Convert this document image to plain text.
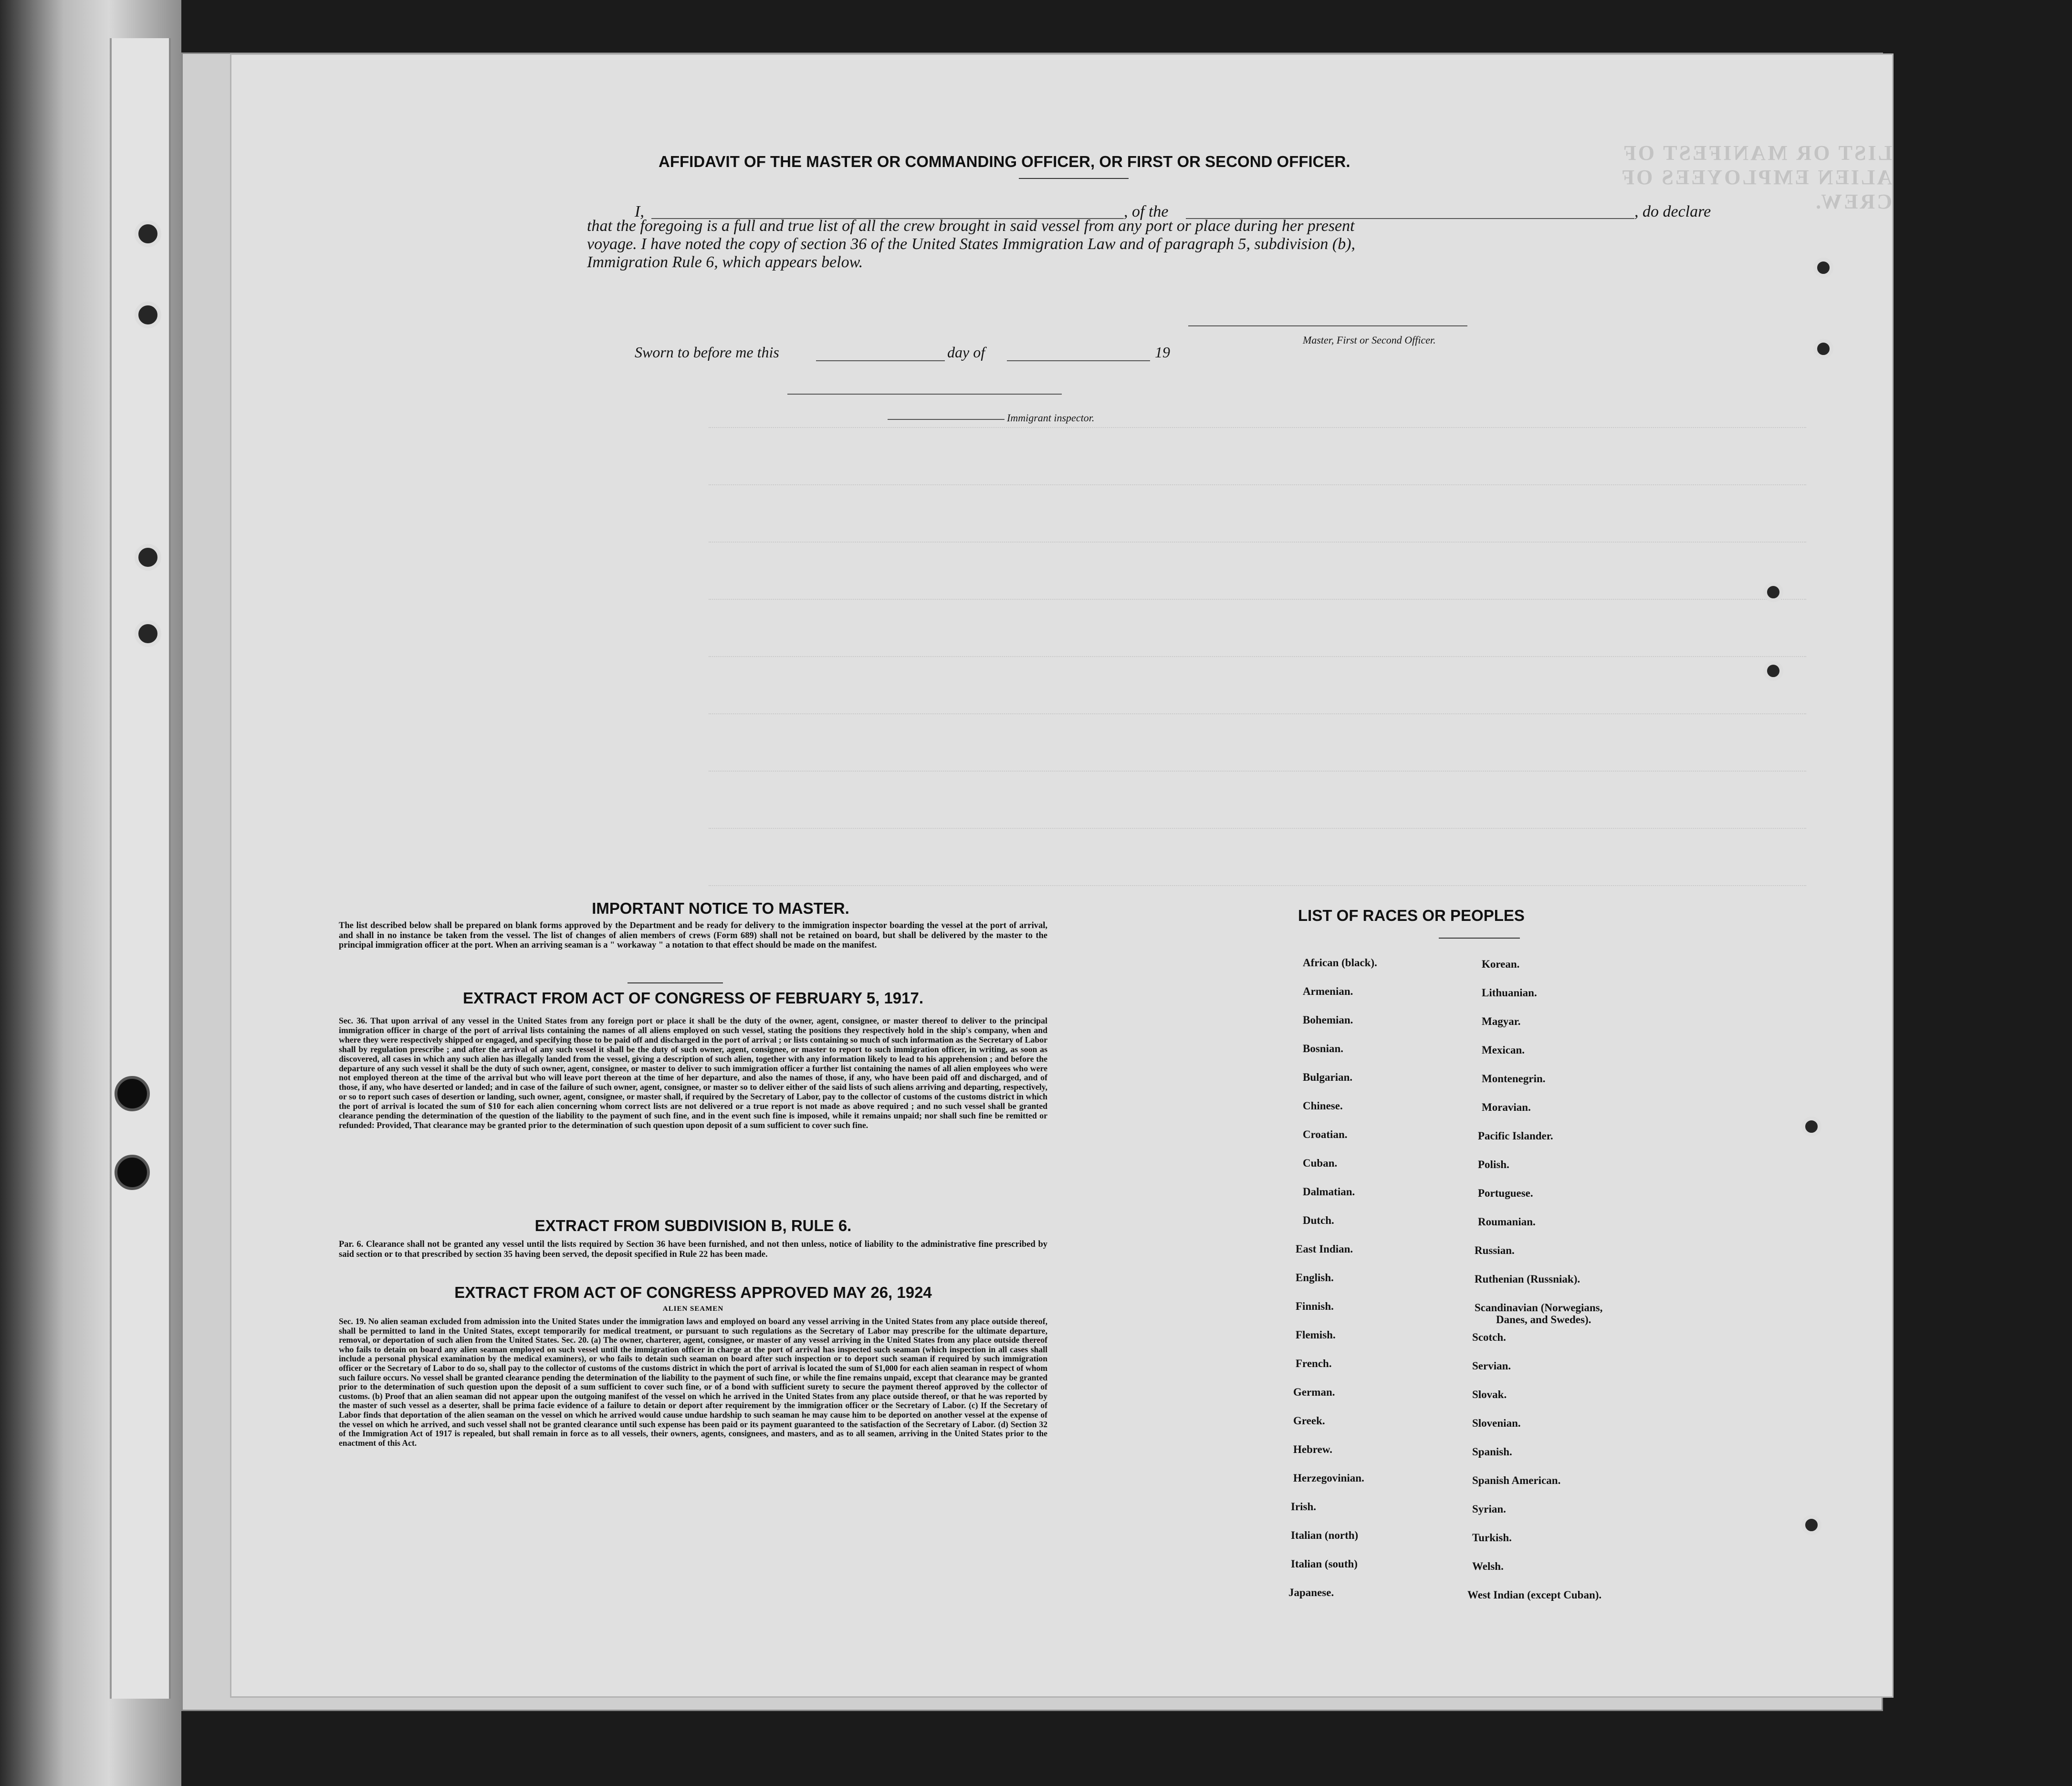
LIST OR MANIFEST OF ALIEN EMPLOYEES OF CREW.
AFFIDAVIT OF THE MASTER OR COMMANDING OFFICER, OR FIRST OR SECOND OFFICER.
I,	, of the	, do declare
that the foregoing is a full and true list of all the crew brought in said vessel from any port or place during her present
voyage. I have noted the copy of section 36 of the United States Immigration Law and of paragraph 5, subdivision (b),
Immigration Rule 6, which appears below.
Master, First or Second Officer.
Sworn to before me this	day of	19
Immigrant inspector.
IMPORTANT NOTICE TO MASTER.
The list described below shall be prepared on blank forms approved by the Department and be ready for delivery to the immigration inspector boarding the vessel at the port of arrival, and shall in no instance be taken from the vessel. The list of changes of alien members of crews (Form 689) shall not be retained on board, but shall be delivered by the master to the principal immigration officer at the port. When an arriving seaman is a " workaway " a notation to that effect should be made on the manifest.
EXTRACT FROM ACT OF CONGRESS OF FEBRUARY 5, 1917.
Sec. 36. That upon arrival of any vessel in the United States from any foreign port or place it shall be the duty of the owner, agent, consignee, or master thereof to deliver to the principal immigration officer in charge of the port of arrival lists containing the names of all aliens employed on such vessel, stating the positions they respectively hold in the ship's company, when and where they were respectively shipped or engaged, and specifying those to be paid off and discharged in the port of arrival ; or lists containing so much of such information as the Secretary of Labor shall by regulation prescribe ; and after the arrival of any such vessel it shall be the duty of such owner, agent, consignee, or master to report to such immigration officer, in writing, as soon as discovered, all cases in which any such alien has illegally landed from the vessel, giving a description of such alien, together with any information likely to lead to his apprehension ; and before the departure of any such vessel it shall be the duty of such owner, agent, consignee, or master to deliver to such immigration officer a further list containing the names of all alien employees who were not employed thereon at the time of the arrival but who will leave port thereon at the time of her departure, and also the names of those, if any, who have been paid off and discharged, and of those, if any, who have deserted or landed; and in case of the failure of such owner, agent, consignee, or master so to deliver either of the said lists of such aliens arriving and departing, respectively, or so to report such cases of desertion or landing, such owner, agent, consignee, or master shall, if required by the Secretary of Labor, pay to the collector of customs of the customs district in which the port of arrival is located the sum of $10 for each alien concerning whom correct lists are not delivered or a true report is not made as above required ; and no such vessel shall be granted clearance pending the determination of the question of the liability to the payment of such fine, and in the event such fine is imposed, while it remains unpaid; nor shall such fine be remitted or refunded: Provided, That clearance may be granted prior to the determination of such question upon deposit of a sum sufficient to cover such fine.
EXTRACT FROM SUBDIVISION B, RULE 6.
Par. 6. Clearance shall not be granted any vessel until the lists required by Section 36 have been furnished, and not then unless, notice of liability to the administrative fine prescribed by said section or to that prescribed by section 35 having been served, the deposit specified in Rule 22 has been made.
EXTRACT FROM ACT OF CONGRESS APPROVED MAY 26, 1924
ALIEN SEAMEN
Sec. 19. No alien seaman excluded from admission into the United States under the immigration laws and employed on board any vessel arriving in the United States from any place outside thereof, shall be permitted to land in the United States, except temporarily for medical treatment, or pursuant to such regulations as the Secretary of Labor may prescribe for the ultimate departure, removal, or deportation of such alien from the United States. Sec. 20. (a) The owner, charterer, agent, consignee, or master of any vessel arriving in the United States from any place outside thereof who fails to detain on board any alien seaman employed on such vessel until the immigration officer in charge at the port of arrival has inspected such seaman (which inspection in all cases shall include a personal physical examination by the medical examiners), or who fails to detain such seaman on board after such inspection or to deport such seaman if required by such immigration officer or the Secretary of Labor to do so, shall pay to the collector of customs of the customs district in which the port of arrival is located the sum of $1,000 for each alien seaman in respect of whom such failure occurs. No vessel shall be granted clearance pending the determination of the liability to the payment of such fine, or while the fine remains unpaid, except that clearance may be granted prior to the determination of such question upon the deposit of a sum sufficient to cover such fine, or of a bond with sufficient surety to secure the payment thereof approved by the collector of customs. (b) Proof that an alien seaman did not appear upon the outgoing manifest of the vessel on which he arrived in the United States from any place outside thereof, or that he was reported by the master of such vessel as a deserter, shall be prima facie evidence of a failure to detain or deport after requirement by the immigration officer or the Secretary of Labor. (c) If the Secretary of Labor finds that deportation of the alien seaman on the vessel on which he arrived would cause undue hardship to such seaman he may cause him to be deported on another vessel at the expense of the vessel on which he arrived, and such vessel shall not be granted clearance until such expense has been paid or its payment guaranteed to the satisfaction of the Secretary of Labor. (d) Section 32 of the Immigration Act of 1917 is repealed, but shall remain in force as to all vessels, their owners, agents, consignees, and masters, and as to all seamen, arriving in the United States prior to the enactment of this Act.
LIST OF RACES OR PEOPLES
African (black).
Armenian.
Bohemian.
Bosnian.
Bulgarian.
Chinese.
Croatian.
Cuban.
Dalmatian.
Dutch.
East Indian.
English.
Finnish.
Flemish.
French.
German.
Greek.
Hebrew.
Herzegovinian.
Irish.
Italian (north)
Italian (south)
Japanese.
Korean.
Lithuanian.
Magyar.
Mexican.
Montenegrin.
Moravian.
Pacific Islander.
Polish.
Portuguese.
Roumanian.
Russian.
Ruthenian (Russniak).
Scandinavian (Norwegians,
Danes, and Swedes).
Scotch.
Servian.
Slovak.
Slovenian.
Spanish.
Spanish American.
Syrian.
Turkish.
Welsh.
West Indian (except Cuban).
